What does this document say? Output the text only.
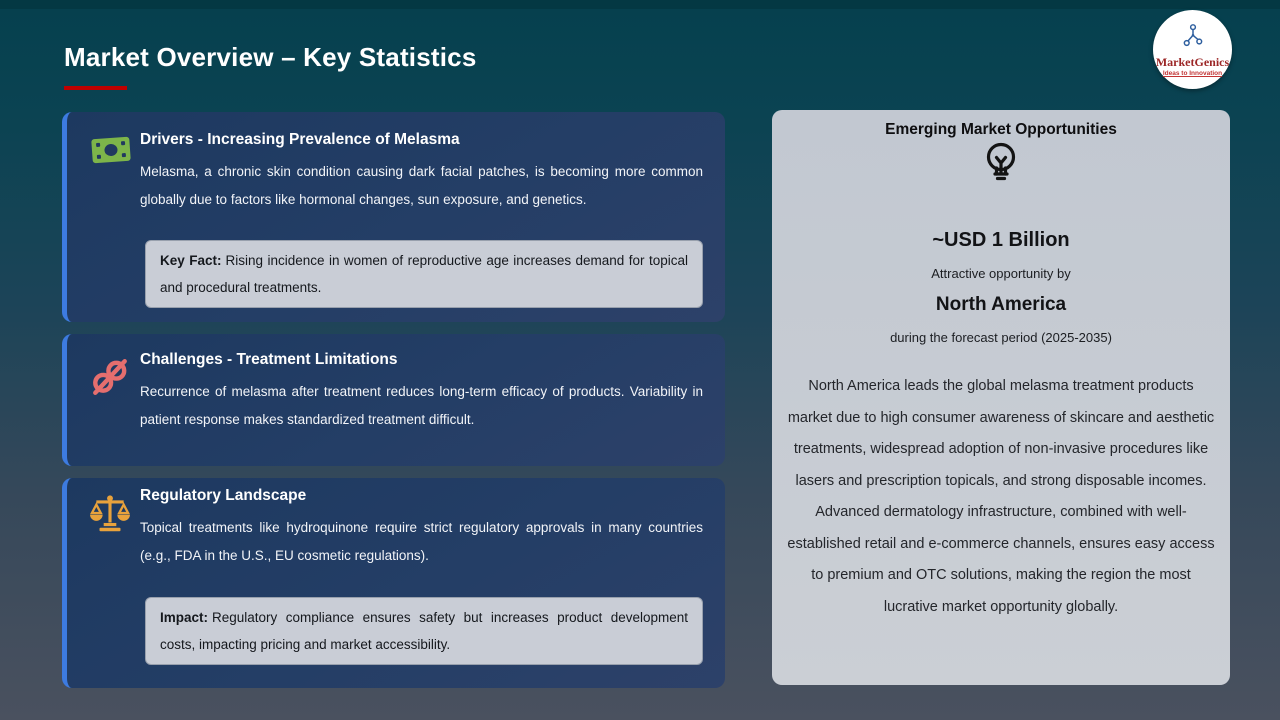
Market Overview – Key Statistics	MarketGenics
Ideas to Innovation
Drivers - Increasing Prevalence of Melasma

Melasma, a chronic skin condition causing dark facial patches, is becoming more common globally due to factors like hormonal changes, sun exposure, and genetics.

Key Fact: Rising incidence in women of reproductive age increases demand for topical and procedural treatments.
Challenges - Treatment Limitations

Recurrence of melasma after treatment reduces long-term efficacy of products. Variability in patient response makes standardized treatment difficult.

Regulatory Landscape

Topical treatments like hydroquinone require strict regulatory approvals in many countries (e.g., FDA in the U.S., EU cosmetic regulations).

Impact: Regulatory compliance ensures safety but increases product development costs, impacting pricing and market accessibility.
Emerging Market Opportunities
~USD 1 Billion
Attractive opportunity by
North America
during the forecast period (2025-2035)

North America leads the global melasma treatment products market due to high consumer awareness of skincare and aesthetic treatments, widespread adoption of non-invasive procedures like lasers and prescription topicals, and strong disposable incomes. Advanced dermatology infrastructure, combined with well-established retail and e-commerce channels, ensures easy access to premium and OTC solutions, making the region the most lucrative market opportunity globally.
